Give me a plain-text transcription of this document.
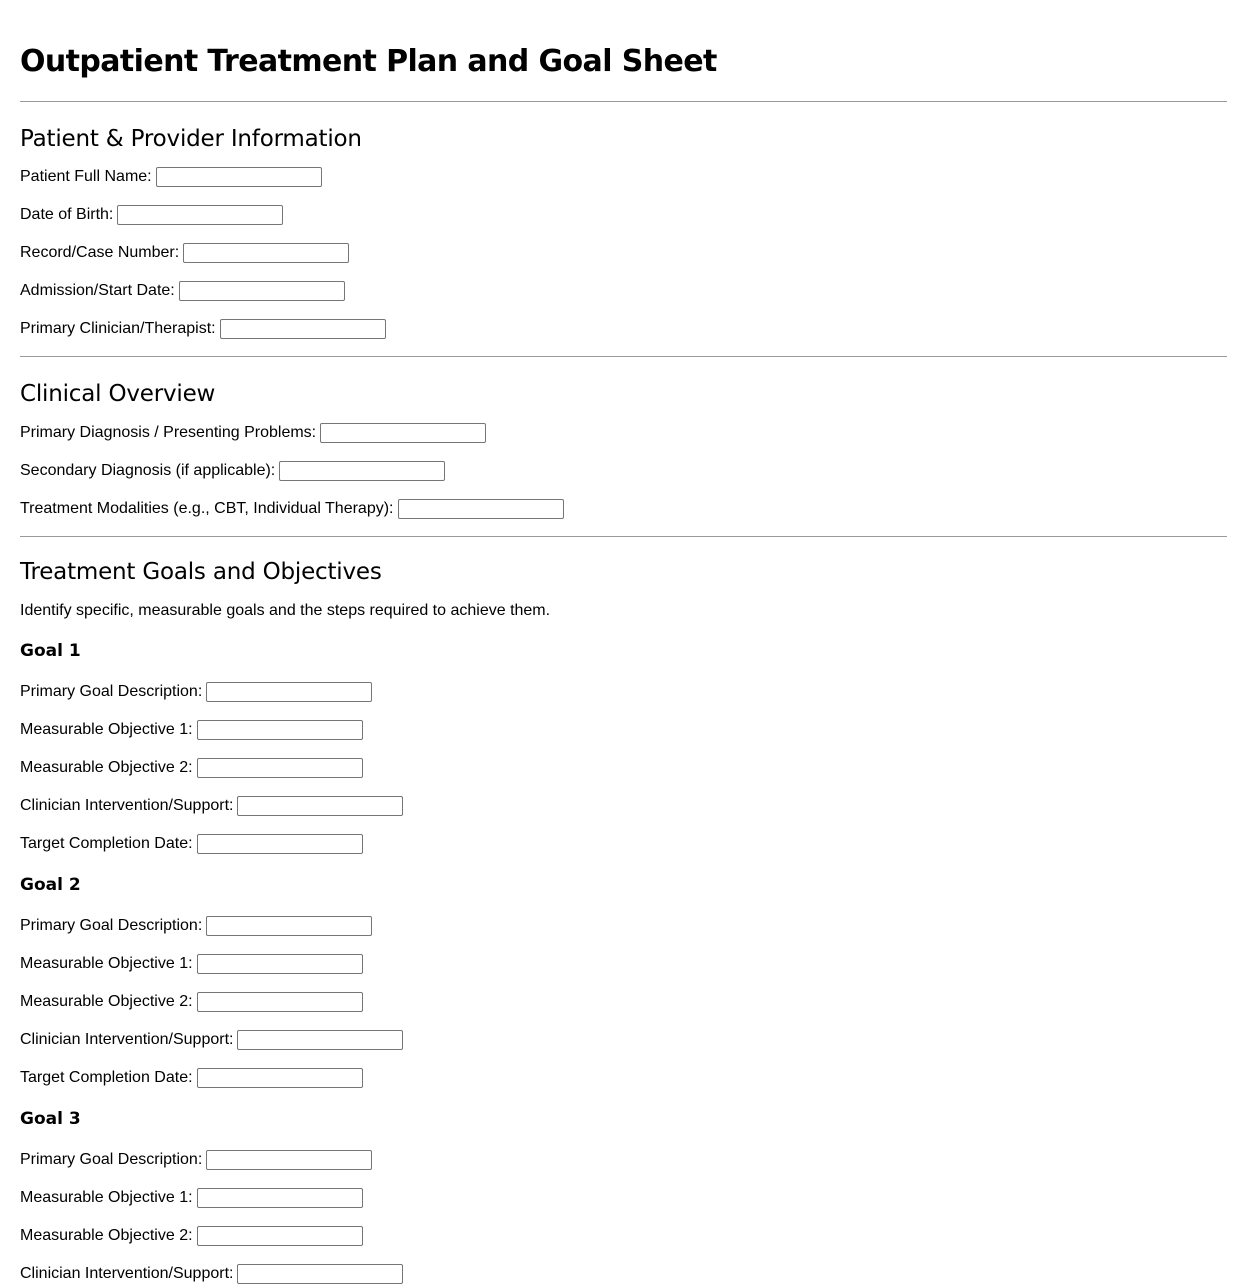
Outpatient Treatment Plan and Goal Sheet
Patient & Provider Information
Patient Full Name:
Date of Birth:
Record/Case Number:
Admission/Start Date:
Primary Clinician/Therapist:
Clinical Overview
Primary Diagnosis / Presenting Problems:
Secondary Diagnosis (if applicable):
Treatment Modalities (e.g., CBT, Individual Therapy):
Treatment Goals and Objectives

Identify specific, measurable goals and the steps required to achieve them.

Goal 1
Primary Goal Description:
Measurable Objective 1:
Measurable Objective 2:
Clinician Intervention/Support:
Target Completion Date:
Goal 2
Primary Goal Description:
Measurable Objective 1:
Measurable Objective 2:
Clinician Intervention/Support:
Target Completion Date:
Goal 3
Primary Goal Description:
Measurable Objective 1:
Measurable Objective 2:
Clinician Intervention/Support:
